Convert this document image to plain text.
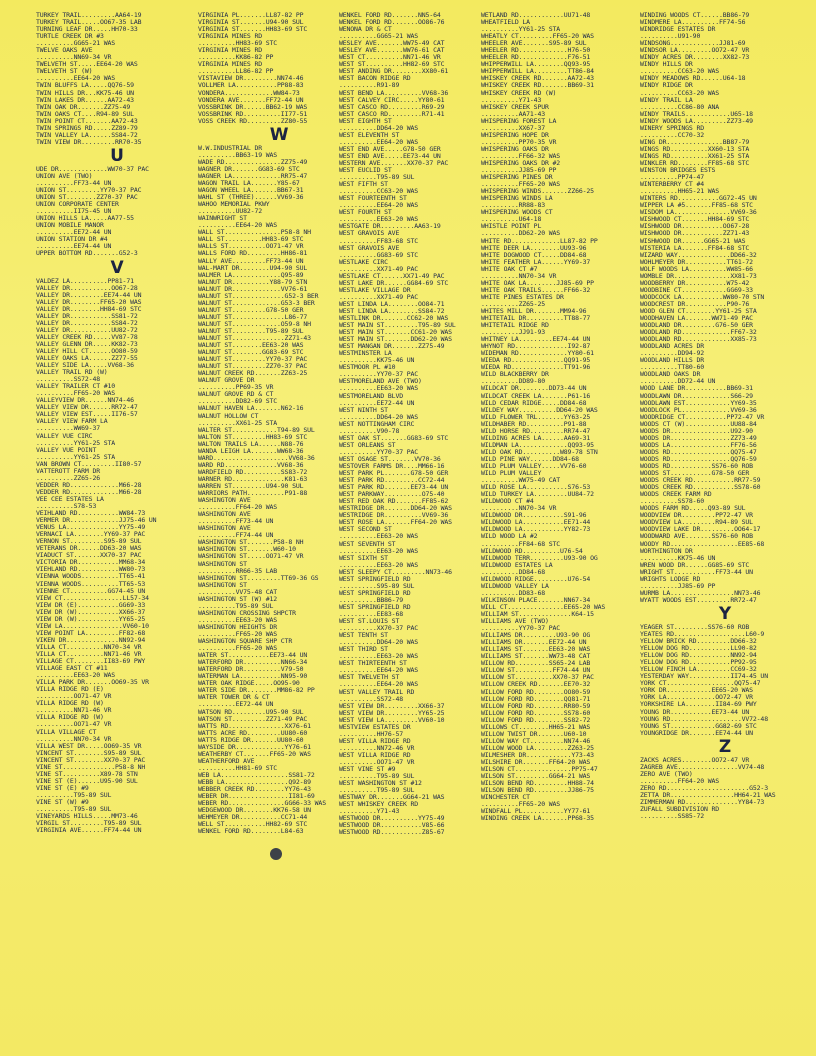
TURKEY TRAIL.........AA64-19
TURKEY TRAIL.....OO67-35 LAB
TURNING LEAF DR.....HH70-33
TURTLE CREEK DR #3
..........GG65-21 WAS
TWELVE OAKS AVE
..........NN69-34 VR
TWELVETH ST.....EE64-20 WAS
TWELVETH ST (W)
..........EE64-20 WAS
TWIN BLUFFS LA.....QQ76-59
TWIN HILLS DR...KK75-46 UN
TWIN LAKES DR......AA72-43
TWIN OAK DR.......ZZ75-49
TWIN OAKS CT....R94-89 SUL
TWIN POINT CT.......AA72-43
TWIN SPRINGS RD.....ZZ89-79
TWIN VALLEY LA......SS84-72
TWIN VIEW DR.........RR70-35
U
UDE DR.............WW70-37 PAC
UNION AVE (TWO)
..........FF73-44 UN
UNION ST.........YY70-37 PAC
UNION ST........ZZ70-37 PAC
UNION CORPORATE CENTER
..........II75-45 UN
UNION HILLS LA.....AA77-55
UNION MOBILE MANOR
..........EE72-44 UN
UNION STATION DR #4
..........EE74-44 UN
UPPER BOTTOM RD.......G52-3
V
VALDEZ LA..........PP81-71
VALLEY DR...........OO67-28
VALLEY DR.........EE74-44 UN
VALLEY DR........FF65-20 WAS
VALLEY DR........HH84-69 STC
VALLEY DR...........SS81-72
VALLEY DR...........SS84-72
VALLEY DR...........UU82-72
VALLEY CREEK RD.....VV87-78
VALLEY GLENN DR.....KK82-73
VALLEY HILL CT......OO80-59
VALLEY OAKS LA......ZZ77-55
VALLEY SIDE LA.....VV68-36
VALLEY TRAIL RD (W)
..........SS72-48
VALLEY TRAILER CT #10
..........FF65-20 WAS
VALLEYVIEW DR......NN74-46
VALLEY VIEW DR......RR72-47
VALLEY VIEW EST.....II76-57
VALLEY VIEW FARM LA
..........WW69-37
VALLEY VUE CIRC
..........YY61-25 STA
VALLEY VUE POINT
..........YY61-25 STA
VAN BROWN CT.........II80-57
VATTEROTT FARM DR
..........ZZ65-26
VEDDER RD.............M66-28
VEDDER RD.............M66-28
VEE CEE ESTATES LA
..........S78-53
VEIHLAND RD...........WW84-73
VERMER DR.............JJ75-46 UN
VENUS LA..............YY75-49
VERNACI LA........YY69-37 PAC
VERNON ST.........S95-89 SUL
VETERANS DR......DD63-20 WAS
VIADUCT ST.......XX70-37 PAC
VICTORIA DR...........MM68-34
VIEHLAND RD...........WW80-73
VIENNA WOODS..........TT65-41
VIENNA WOODS..........TT65-53
VIENNE CT..........GG74-45 UN
VIEW CT................LL57-34
VIEW DR (E)...........GG69-33
VIEW DR (W)...........XX66-37
VIEW DR (W)...........YY65-25
VIEW LA................VV60-10
VIEW POINT LA.........FF82-68
VIKEN DR..............NN92-94
VILLA CT..........NN70-34 VR
VILLA CT..........NN71-46 VR
VILLAGE CT........II83-69 PWY
VILLAGE EAST CT #11
..........EE63-20 WAS
VILLA PARK DR.......OO69-35 VR
VILLA RIDGE RD (E)
..........OO71-47 VR
VILLA RIDGE RD (W)
..........NN71-46 VR
VILLA RIDGE RD (W)
..........OO71-47 VR
VILLA VILLAGE CT
..........NN70-34 VR
VILLA WEST DR.....OO69-35 VR
VINCENT ST........S95-89 SUL
VINCENT ST........XX70-37 PAC
VINE ST..............P58-8 NH
VINE ST..........X89-78 STN
VINE ST (E)......U95-90 SUL
VINE ST (E) #9
..........T95-89 SUL
VINE ST (W) #9
..........T95-89 SUL
VINEYARDS HILLS.....MM73-46
VIRGIL ST.........T95-89 SUL
VIRGINIA AVE......FF74-44 UN
VIRGINIA PL.......LL87-82 PP
VIRGINIA ST.......U94-90 SUL
VIRGINIA ST.......HH83-69 STC
VIRGINIA MINES RD
..........HH83-69 STC
VIRGINIA MINES RD
..........KK86-82 PP
VIRGINIA MINES RD
..........LL86-82 PP
VISTAVIEW DR.........NN74-46
VOLLMER LA...........PP88-83
VONDERA.............WW84-73
VONDERA AVE.......FF72-44 UN
VOSSBRINK DR......BB62-19 WAS
VOSSBRINK RD..........II77-51
VOSS CREEK RD.........ZZ80-55
W
W.W.INDUSTRIAL DR
..........BB63-19 WAS
WADE RD...............ZZ75-49
WAGNER DR.......GG83-69 STC
WAGNER LA.............RR75-47
WAGON TRAIL LA.......Y85-67
WAGON WHEEL LA.......BB67-31
WAHL ST (THREE)......VV69-36
WAHOO MEMORIAL PKWY
..........UU82-72
WAINWRIGHT ST
..........EE64-20 WAS
WALL ST...............P58-8 NH
WALL ST..........HH83-69 STC
WALLS ST..........OO71-47 VR
WALLS FORD RD.........HH86-81
WALLY AVE.........FF73-44 UN
WAL-MART DR........U94-90 SUL
WALMER LA.............Q95-89
WALNUT DR..........Y88-79 STN
WALNUT DR.............VV76-61
WALNUT ST..............G52-3 BER
WALNUT ST.............G53-3 BER
WALNUT ST.........G78-50 GER
WALNUT ST..............L86-77
WALNUT ST.............O59-8 NH
WALNUT ST.........T95-89 SUL
WALNUT ST..............ZZ71-43
WALNUT ST........EE63-20 WAS
WALNUT ST........GG83-69 STC
WALNUT ST.........YY70-37 PAC
WALNUT ST.........ZZ70-37 PAC
WALNUT CREEK RD.......ZZ63-25
WALNUT GROVE DR
..........PP69-35 VR
WALNUT GROVE RD & CT
..........DD82-69 STC
WALNUT HAVEN LA.......N62-16
WALNUT HOLLOW CT
..........XX61-25 STA
WALTER ST............T94-89 SUL
WALTON ST.........HH83-69 STC
WALTON TRAILS LA......N88-76
WANDA LEIGH LA.......WW68-36
WARD....................VV68-36
WARD RD..............VV68-36
WARDFIELD RD..........SS83-72
WARNER RD..............K81-63
WARREN ST.........U94-90 SUL
WARRIORS PATH..........P91-88
WASHINGTON AVE
..........FF64-20 WAS
WASHINGTON AVE
..........FF73-44 UN
WASHINGTON AVE
..........FF74-44 UN
WASHINGTON ST.......P58-8 NH
WASHINGTON ST.......W60-10
WASHINGTON ST.....OO71-47 VR
WASHINGTON ST
..........RR66-35 LAB
WASHINGTON ST.........TT69-36 GS
WASHINGTON ST
..........VV75-48 CAT
WASHINGTON ST (W) #12
..........T95-89 SUL
WASHINGTON CROSSING SHPCTR
..........EE63-20 WAS
WASHINGTON HEIGHTS DR
..........FF65-20 WAS
WASHINGTON SQUARE SHP CTR
..........FF65-20 WAS
WATER ST...........EE73-44 UN
WATERFORD DR..........NN66-34
WATERFORD DR..........V79-50
WATERMAN LA...........NN95-90
WATER OAK RIDGE.....OO95-90
WATER SIDE DR........MM86-82 PP
WATER TOWER DR & CT
..........EE72-44 UN
WATSON RD.........U95-90 SUL
WATSON ST.........ZZ71-49 PAC
WATTS RD...............XX76-61
WATTS ACRE RD.........UU80-60
WATTS RIDGE DR.......UU80-60
WAYSIDE DR.............YY76-61
WEATHERBY CT.......FF65-20 WAS
WEATHERFORD AVE
..........HH81-69 STC
WEB LA..................SS81-72
WEBB LA.................Q92-89
WEBBER CREEK RD........YY76-43
WEBER DR................II81-69
WEBER RD...............GG66-33 WAS
WEDGEWOOD DR........KK76-58 UN
WEHMEYER DR...........CC71-44
WELL ST...........HH82-69 STC
WENKEL FORD RD........L84-63
WENKEL FORD RD.......NN5-64
WENKEL FORD RD.......OO86-76
WENONA DR & CT
..........GG65-21 WAS
WESLEY AVE.......WW75-49 CAT
WESLEY AVE.......WW76-61 CAT
WEST CT..........NN71-46 VR
WEST ST..........HH82-69 STC
WEST ANDING DR........XX80-61
WEST BACON RIDGE RD
..........R91-89
WEST BEND LA..........VV68-36
WEST CALVEY CIRC.....YY80-61
WEST CASCO RD.........R69-29
WEST CASCO RD.........R71-41
WEST EIGHTH ST
..........DD64-20 WAS
WEST ELEVENTH ST
..........EE64-20 WAS
WEST END AVE.....G78-50 GER
WEST END AVE.....EE73-44 UN
WESTERN AVE.......XX70-37 PAC
WEST EUCLID ST
..........T95-89 SUL
WEST FIFTH ST
..........CC63-20 WAS
WEST FOURTEENTH ST
..........EE64-20 WAS
WEST FOURTH ST
..........EE63-20 WAS
WESTGATE DR.........AA63-19
WEST GRAVOIS AVE
..........FF83-68 STC
WEST GRAVOIS AVE
..........GG83-69 STC
WESTLAKE CIRC
..........XX71-49 PAC
WESTLAKE CT......XX71-49 PAC
WEST LAKE DR......GG84-69 STC
WESTLAKE VILLAGE DR
..........XX71-49 PAC
WEST LINDA LA........OO84-71
WEST LINDA LA........SS84-72
WESTLINK DR.......CC62-20 WAS
WEST MAIN ST.........T95-89 SUL
WEST MAIN ST.......CC61-20 WAS
WEST MAIN ST.......DD62-20 WAS
WEST MANGAN DR.......ZZ75-49
WESTMINSTER LA
..........KK75-46 UN
WESTMOOR PL #10
..........YY70-37 PAC
WESTMORELAND AVE (TWO)
..........EE63-20 WAS
WESTMORELAND BLVD
..........EE72-44 UN
WEST NINTH ST
..........DD64-20 WAS
WEST NOTTINGHAM CIRC
..........V90-78
WEST OAK ST.......GG83-69 STC
WEST ORLEANS ST
..........YY70-37 PAC
WEST OSAGE ST.......VV70-36
WESTOVER FARMS DR....MM66-16
WEST PARK PL.......G78-50 GER
WEST PARK RD.........CC72-44
WEST PARK RD.......EE73-44 UN
WEST PARKWAY..........O75-40
WEST RED OAK RD.......FF85-62
WESTRIDGE DR.......DD64-20 WAS
WESTRIDGE DR..........VV69-36
WEST ROSE LA.......FF64-20 WAS
WEST SECOND ST
..........EE63-20 WAS
WEST SEVENTH ST
..........EE63-20 WAS
WEST SIXTH ST
..........EE63-20 WAS
WEST SLEEPY CT.........NN73-46
WEST SPRINGFIELD RD
..........S95-89 SUL
WEST SPRINGFIELD RD
..........BB86-79
WEST SPRINGFIELD RD
..........EE83-68
WEST ST.LOUIS ST
..........XX70-37 PAC
WEST TENTH ST
..........DD64-20 WAS
WEST THIRD ST
..........EE63-20 WAS
WEST THIRTEENTH ST
..........EE64-20 WAS
WEST TWELVETH ST
..........EE64-20 WAS
WEST VALLEY TRAIL RD
..........SS72-48
WEST VIEW DR.........XX66-37
WEST VIEW DR.........YY65-25
WEST VIEW LA.........VV60-10
WESTVIEW ESTATES DR
..........HH76-57
WEST VILLA RIDGE RD
..........NN72-46 VR
WEST VILLA RIDGE RD
..........OO71-47 VR
WEST VINE ST #9
..........T95-89 SUL
WEST WASHINGTON ST #12
..........T95-89 SUL
WESTWAY DR.......GG64-21 WAS
WEST WHISKEY CREEK RD
..........Y71-43
WESTWOOD DR..........YY75-49
WESTWOOD DR...........V85-66
WESTWOOD RD...........Z85-67
WETLAND RD............UU71-48
WHEATFIELD LA
..........YY61-25 STA
WHEATLY CT.........FF65-20 WAS
WHEELER AVE.......S95-89 SUL
WHEELER RD.............H76-50
WHEELER RD.............F76-51
WHIPPERWILL LA........QQ93-95
WHIPPERWILL LA.........TT86-84
WHISKEY CREEK RD.......AA72-43
WHISKEY CREEK RD.......BB69-31
WHISKEY CREEK RD (W)
..........Y71-43
WHISKEY CREEK SPUR
..........AA71-43
WHISPERING FOREST LA
..........XX67-37
WHISPERING HOPE DR
..........PP70-35 VR
WHISPERING OAKS DR
..........FF66-32 WAS
WHISPERING OAKS DR #2
..........JJ85-69 PP
WHISPERING PINES DR
..........FF65-20 WAS
WHISPERING WINDS.......ZZ66-25
WHISPERING WINDS LA
..........RR88-83
WHISPERING WOODS CT
..........U64-18
WHISTLE POINT PL
..........DD62-20 WAS
WHITE RD.............LL87-82 PP
WHITE DEER LA........UU93-96
WHITE DOGWOOD CT.....DD84-68
WHITE FEATHER LA......YY69-37
WHITE OAK CT #7
..........NN70-34 VR
WHITE OAK LA........JJ85-69 PP
WHITE OAK TRAILS......FF66-32
WHITE PINES ESTATES DR
..........ZZ65-25
WHITES MILL DR.......MM94-96
WHITETAIL DR..........TT88-77
WHITETAIL RIDGE RD
..........JJ91-93
WHITNEY LA.........EE74-44 UN
WHYNOT RD..............I92-87
WIDEMAN RD.............YY80-61
WIEDA RD..............QQ91-95
WIEDA RD..............TT91-96
WILD BLACKBERRY DR
..........DD89-80
WILDCAT DR........DD73-44 UN
WILDCAT CREEK LA.......P61-16
WILD CEDAR RIDGE.....DD84-68
WILDEY WAY..........DD64-20 WAS
WILD FLOWER TRL.......YY63-25
WILDHABER RD..........P91-88
WILD HORSE RD.........RR74-47
WILDING ACRES LA......AA69-31
WILDMAN LA.............QQ93-95
WILD OAK RD..........W89-78 STN
WILD PINE WAY......DD84-68
WILD PLUM VALLEY.....VV76-60
WILD PLUM VALLEY
..........WW75-49 CAT
WILD ROSE LA...........S76-53
WILD TURKEY LA.........UU84-72
WILDWOOD CT #4
..........NN70-34 VR
WILDWOOD DR...........S91-96
WILDWOOD LA...........EE71-44
WILDWOOD LA...........YY82-73
WILD WOOD LA #2
..........FF84-68 STC
WILDWOOD RD..........U76-54
WILDWOOD TERR.........U93-90 OG
WILDWOOD ESTATES LA
..........DD84-68
WILDWOOD RIDGE.........U76-54
WILDWOOD VALLEY LA
..........DD83-68
WILKINSON PLACE.......NN67-34
WILL CT...............EE65-20 WAS
WILLIAM ST..............K64-15
WILLIAMS AVE (TWO)
..........YY70-37 PAC
WILLIAMS DR.........U93-90 OG
WILLIAMS DR.......EE72-44 UN
WILLIAMS ST.......EE63-20 WAS
WILLIAMS ST.......WW73-48 CAT
WILLOW RD.........SS65-24 LAB
WILLOW ST..........FF74-44 UN
WILLOW ST..........XX70-37 PAC
WILLOW CREEK RD.......EE70-32
WILLOW FORD RD........OO80-59
WILLOW FORD RD........QQ81-71
WILLOW FORD RD........RR80-59
WILLOW FORD RD........SS78-60
WILLOW FORD RD........SS82-72
WILLOWS CT........HH65-21 WAS
WILLOW TWIST DR.......U60-10
WILLOW WAY CT.........NN74-46
WILLOW WOOD LA.........ZZ63-25
WILMESHER DR............Y73-43
WILSHIRE DR.......FF64-20 WAS
WILSON CT...............PP75-47
WILSON ST.........GG64-21 WAS
WILSON BEND RD.........HH88-74
WILSON BEND RD.........JJ86-75
WINCHESTER CT
..........FF65-20 WAS
WINDFALL PL...........YY77-61
WINDING CREEK LA.......PP68-35
WINDING WOODS CT......BB86-79
WINDMERE LA..........FF74-56
WINDRIDGE ESTATES DR
..........U91-90
WINDSONG.............JJ81-69
WINDSOR LA.........OO72-47 VR
WINDY ACRES DR........XX82-73
WINDY HILLS DR
..........CC63-20 WAS
WINDY MEADOWS RD......U64-18
WINDY RIDGE DR
..........CC63-20 WAS
WINDY TRAIL LA
..........CC86-80 ANA
WINDY TRAILS............U65-18
WINDY WOODS LA.........ZZ73-49
WINERY SPRINGS RD
..........CC70-32
WING DR...............BB87-79
WINGS RD..........XX60-13 STA
WINGS RD..........XX61-25 STA
WINKLER RD........FF85-68 STC
WINSTON BRIDGES ESTS
..........PP74-47
WINTERBERRY CT #4
..........HH65-21 WAS
WINTERS RD...........GG72-45 UN
WIPPER LA #5.......FF85-68 STC
WISDOM LA...............VV69-36
WISHWOOD CT.......HH84-69 STC
WISHWOOD DR...........OO67-28
WISHWOOD DR...........ZZ71-43
WISHWOOD DR......GG65-21 WAS
WISTERIA LA.......FF84-68 STC
WIZARD WAY..............DD66-32
WOHLMEYER DR...........TT61-72
WOLF WOODS LA..........WW85-66
WOMBLE DR...............XX81-73
WOODBERRY DR...........W75-42
WOODBINE CT............GG69-33
WOODCOCK LA...........WW80-70 STN
WOODCREST DR...........P90-76
WOOD GLEN CT........YY61-25 STA
WOODHAVEN LA.......WW71-49 PAC
WOODLAND DR.........G76-50 GER
WOODLAND RD.............FF67-32
WOODLAND RD.............XX85-73
WOODLAND ACRES DR
..........DD94-92
WOODLAND HILLS DR
..........TT80-60
WOODLAND OAKS DR
..........DD72-44 UN
WOOD LANE DR...........BB69-31
WOODLAWN DR.............S66-29
WOODLAWN EST............YY69-35
WOODLOCK PL.............VV69-36
WOODRIDGE CT...........PP72-47 VR
WOODS CT (W)............UU88-84
WOODS DR................U92-90
WOODS DR................ZZ73-49
WOODS LA................FF76-56
WOODS RD................QQ75-47
WOODS RD................QQ76-59
WOODS RD...........SS76-60 ROB
WOODS ST...........G78-50 GER
WOODS CREEK RD...........RR77-59
WOODS CREEK RD...........SS78-60
WOODS CREEK FARM RD
..........SS78-60
WOODS FARM RD.....Q93-89 SUL
WOODVIEW DR.........PP72-47 VR
WOODVIEW LA.........R94-89 SUL
WOODVIEW LAKE DR.........OO64-17
WOODWARD AVE.......SS76-60 ROB
WOODY RD..................EE85-68
WORTHINGTON DR
..........KK75-46 UN
WREN WOOD DR......GG85-69 STC
WRIGHT ST...........FF73-44 UN
WRIGHTS LODGE RD
..........JJ85-69 PP
WURMB LA.................NN73-46
WYATT WOODS EST.........RR72-47
Y
YEAGER ST.........SS76-60 ROB
YEATES RD...................L60-9
YELLOW BRICK RD.........DD66-32
YELLOW DOG RD...........LL90-82
YELLOW DOG RD...........NN92-94
YELLOW DOG RD...........PP92-95
YELLOW FINCH LA.........CC69-32
YESTERDAY WAY...........II74-45 UN
YORK CT..................QQ75-47
YORK DR............EE65-20 WAS
YORK LA.............OO72-47 VR
YORKSHIRE LA........II84-69 PWY
YOUNG DR...........EE73-44 UN
YOUNG RD...................VV72-48
YOUNG ST............GG82-69 STC
YOUNGRIDGE DR.......EE74-44 UN
Z
ZACKS ACRES........OO72-47 VR
ZAGREB AVE................VV74-48
ZERO AVE (TWO)
..........FF64-20 WAS
ZERO RD......................G52-3
ZETTA DR.................HH64-21 WAS
ZIMMERMAN RD..............YY84-73
ZUFALL SUBDIVISION RD
..........SS85-72
